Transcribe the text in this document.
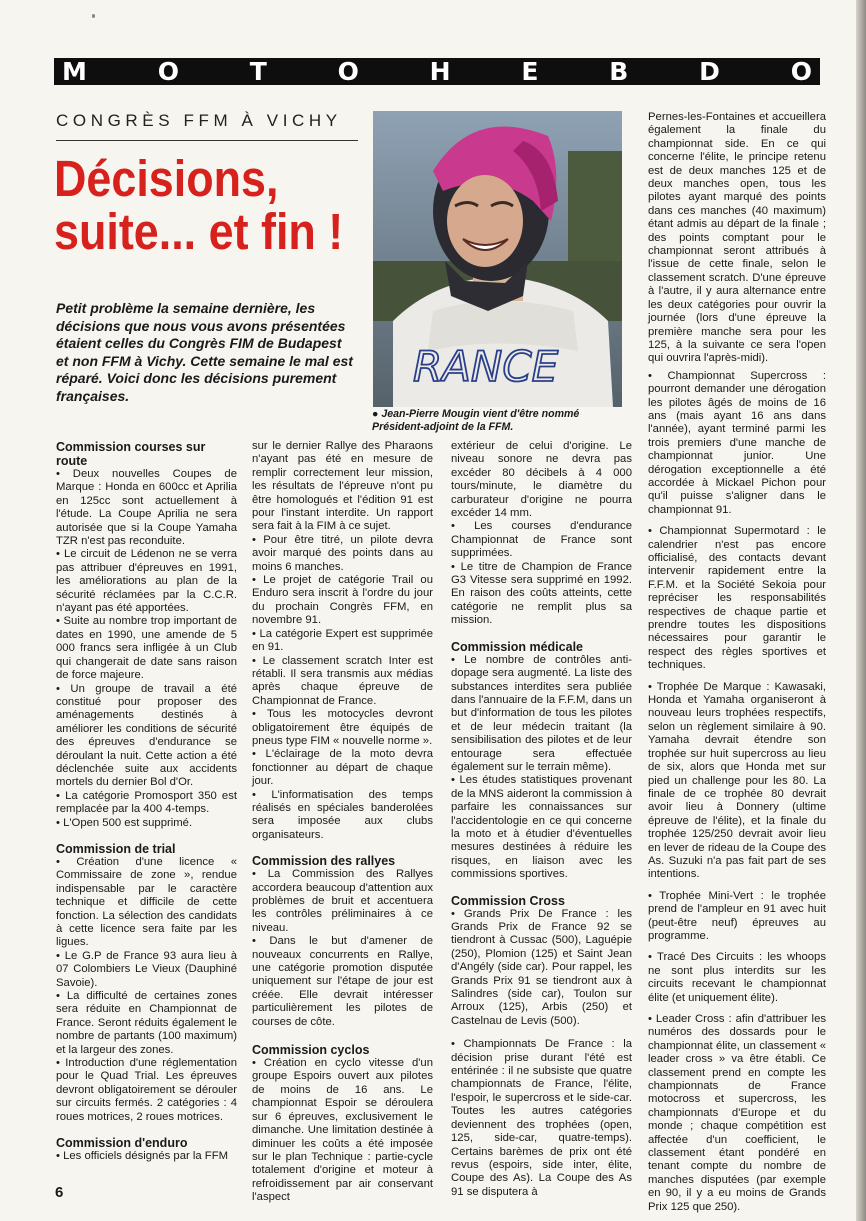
M	O	T	O	H	E	B	D	O
CONGRÈS FFM À VICHY
Décisions,
suite... et fin !

Petit problème la semaine dernière, les décisions que nous vous avons présentées étaient celles du Congrès FIM de Budapest et non FFM à Vichy. Cette semaine le mal est réparé. Voici donc les décisions purement françaises.

RANCE

● Jean-Pierre Mougin vient d'être nommé Président-adjoint de la FFM.

Commission courses sur route

• Deux nouvelles Coupes de Marque : Honda en 600cc et Aprilia en 125cc sont actuellement à l'étude. La Coupe Aprilia ne sera autorisée que si la Coupe Yamaha TZR n'est pas reconduite.

• Le circuit de Lédenon ne se verra pas attribuer d'épreuves en 1991, les améliorations au plan de la sécurité réclamées par la C.C.R. n'ayant pas été apportées.

• Suite au nombre trop important de dates en 1990, une amende de 5 000 francs sera infligée à un Club qui changerait de date sans raison de force majeure.

• Un groupe de travail a été constitué pour proposer des aménagements destinés à améliorer les conditions de sécurité des épreuves d'endurance se déroulant la nuit. Cette action a été déclenchée suite aux accidents mortels du dernier Bol d'Or.

• La catégorie Promosport 350 est remplacée par la 400 4-temps.

• L'Open 500 est supprimé.

Commission de trial

• Création d'une licence « Commissaire de zone », rendue indispensable par le caractère technique et difficile de cette fonction. La sélection des candidats à cette licence sera faite par les ligues.

• Le G.P de France 93 aura lieu à 07 Colombiers Le Vieux (Dauphiné Savoie).

• La difficulté de certaines zones sera réduite en Championnat de France. Seront réduits également le nombre de partants (100 maximum) et la largeur des zones.

• Introduction d'une réglementation pour le Quad Trial. Les épreuves devront obligatoirement se dérouler sur circuits fermés. 2 catégories : 4 roues motrices, 2 roues motrices.

Commission d'enduro

• Les officiels désignés par la FFM

sur le dernier Rallye des Pharaons n'ayant pas été en mesure de remplir correctement leur mission, les résultats de l'épreuve n'ont pu être homologués et l'édition 91 est pour l'instant interdite. Un rapport sera fait à la FIM à ce sujet.

• Pour être titré, un pilote devra avoir marqué des points dans au moins 6 manches.

• Le projet de catégorie Trail ou Enduro sera inscrit à l'ordre du jour du prochain Congrès FFM, en novembre 91.

• La catégorie Expert est supprimée en 91.

• Le classement scratch Inter est rétabli. Il sera transmis aux médias après chaque épreuve de Championnat de France.

• Tous les motocycles devront obligatoirement être équipés de pneus type FIM « nouvelle norme ».

• L'éclairage de la moto devra fonctionner au départ de chaque jour.

• L'informatisation des temps réalisés en spéciales banderolées sera imposée aux clubs organisateurs.

Commission des rallyes

• La Commission des Rallyes accordera beaucoup d'attention aux problèmes de bruit et accentuera les contrôles préliminaires à ce niveau.

• Dans le but d'amener de nouveaux concurrents en Rallye, une catégorie promotion disputée uniquement sur l'étape de jour est créée. Elle devrait intéresser particulièrement les pilotes de courses de côte.

Commission cyclos

• Création en cyclo vitesse d'un groupe Espoirs ouvert aux pilotes de moins de 16 ans. Le championnat Espoir se déroulera sur 6 épreuves, exclusivement le dimanche. Une limitation destinée à diminuer les coûts a été imposée sur le plan Technique : partie-cycle totalement d'origine et moteur à refroidissement par air conservant l'aspect

extérieur de celui d'origine. Le niveau sonore ne devra pas excéder 80 décibels à 4 000 tours/minute, le diamètre du carburateur d'origine ne pourra excéder 14 mm.

• Les courses d'endurance Championnat de France sont supprimées.

• Le titre de Champion de France G3 Vitesse sera supprimé en 1992. En raison des coûts atteints, cette catégorie ne remplit plus sa mission.

Commission médicale

• Le nombre de contrôles anti-dopage sera augmenté. La liste des substances interdites sera publiée dans l'annuaire de la F.F.M, dans un but d'information de tous les pilotes et de leur médecin traitant (la sensibilisation des pilotes et de leur entourage sera effectuée également sur le terrain même).

• Les études statistiques provenant de la MNS aideront la commission à parfaire les connaissances sur l'accidentologie en ce qui concerne la moto et à étudier d'éventuelles mesures destinées à réduire les risques, en liaison avec les commissions sportives.

Commission Cross

• Grands Prix De France : les Grands Prix de France 92 se tiendront à Cussac (500), Laguépie (250), Plomion (125) et Saint Jean d'Angély (side car). Pour rappel, les Grands Prix 91 se tiendront aux à Salindres (side car), Toulon sur Arroux (125), Arbis (250) et Castelnau de Levis (500).

• Championnats De France : la décision prise durant l'été est entérinée : il ne subsiste que quatre championnats de France, l'élite, l'espoir, le supercross et le side-car. Toutes les autres catégories deviennent des trophées (open, 125, side-car, quatre-temps). Certains barèmes de prix ont été revus (espoirs, side inter, élite, Coupe des As). La Coupe des As 91 se disputera à

Pernes-les-Fontaines et accueillera également la finale du championnat side. En ce qui concerne l'élite, le principe retenu est de deux manches 125 et de deux manches open, tous les pilotes ayant marqué des points dans ces manches (40 maximum) étant admis au départ de la finale ; des points comptant pour le championnat seront attribués à l'issue de cette finale, selon le classement scratch. D'une épreuve à l'autre, il y aura alternance entre les deux catégories pour ouvrir la journée (lors d'une épreuve la première manche sera pour les 125, à la suivante ce sera l'open qui ouvrira l'après-midi).

• Championnat Supercross : pourront demander une dérogation les pilotes âgés de moins de 16 ans (mais ayant 16 ans dans l'année), ayant terminé parmi les trois premiers d'une manche de championnat junior. Une dérogation exceptionnelle a été accordée à Mickael Pichon pour qu'il puisse s'aligner dans le championnat 91.

• Championnat Supermotard : le calendrier n'est pas encore officialisé, des contacts devant intervenir rapidement entre la F.F.M. et la Société Sekoia pour repréciser les responsabilités respectives de chaque partie et prendre toutes les dispositions nécessaires pour garantir le respect des règles sportives et techniques.

• Trophée De Marque : Kawasaki, Honda et Yamaha organiseront à nouveau leurs trophées respectifs, selon un règlement similaire à 90. Yamaha devrait étendre son trophée sur huit supercross au lieu de six, alors que Honda met sur pied un challenge pour les 80. La finale de ce trophée 80 devrait avoir lieu à Donnery (ultime épreuve de l'élite), et la finale du trophée 125/250 devrait avoir lieu en lever de rideau de la Coupe des As. Suzuki n'a pas fait part de ses intentions.

• Trophée Mini-Vert : le trophée prend de l'ampleur en 91 avec huit (peut-être neuf) épreuves au programme.

• Tracé Des Circuits : les whoops ne sont plus interdits sur les circuits recevant le championnat élite (et uniquement élite).

• Leader Cross : afin d'attribuer les numéros des dossards pour le championnat élite, un classement « leader cross » va être établi. Ce classement prend en compte les championnats de France motocross et supercross, les championnats d'Europe et du monde ; chaque compétition est affectée d'un coefficient, le classement étant pondéré en tenant compte du nombre de manches disputées (par exemple en 90, il y a eu moins de Grands Prix 125 que 250).

6
